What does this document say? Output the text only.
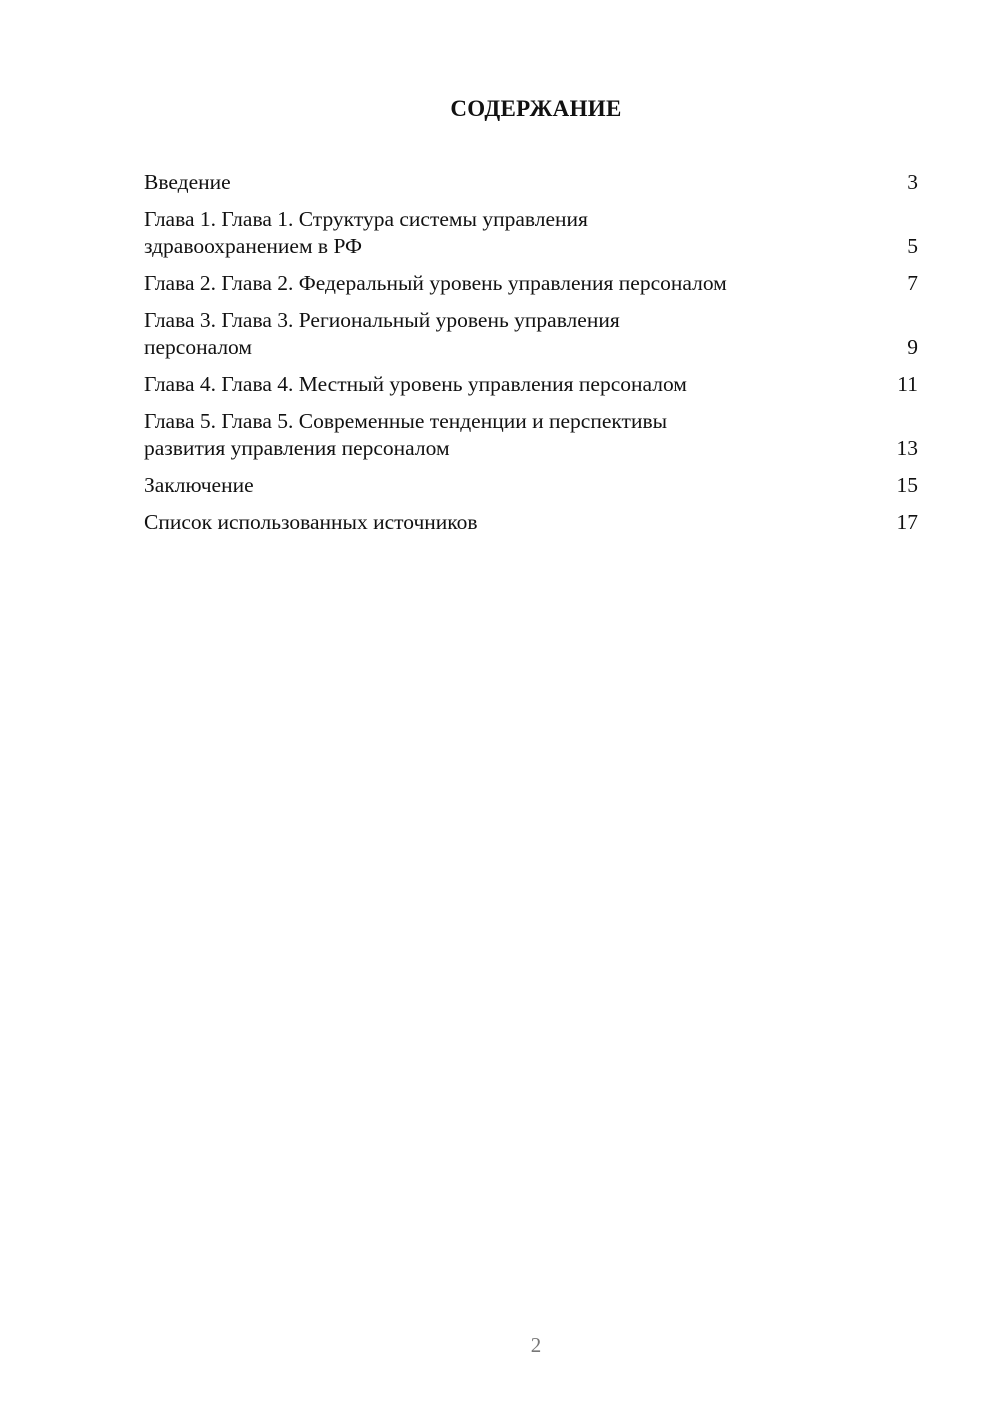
СОДЕРЖАНИЕ
Введение	3
Глава 1. Глава 1. Структура системы управления
здравоохранением в РФ	5
Глава 2. Глава 2. Федеральный уровень управления персоналом	7
Глава 3. Глава 3. Региональный уровень управления
персоналом	9
Глава 4. Глава 4. Местный уровень управления персоналом	11
Глава 5. Глава 5. Современные тенденции и перспективы
развития управления персоналом	13
Заключение	15
Список использованных источников	17
2
